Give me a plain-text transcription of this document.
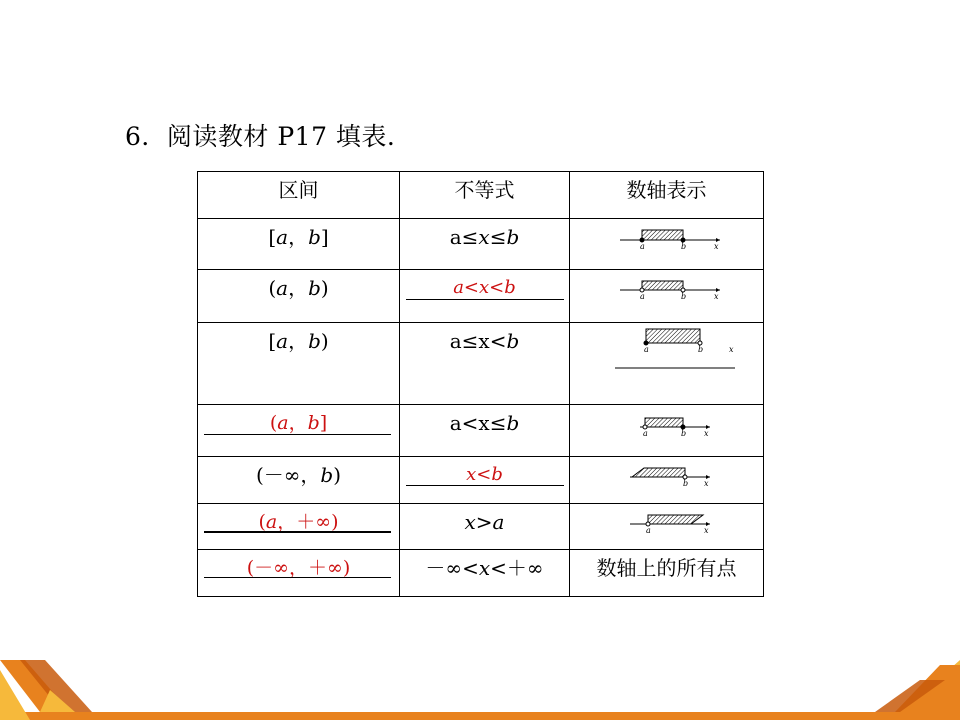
6．阅读教材 P17 填表.
区间	不等式	数轴表示

[a，b]	a≤x≤b	a b x

(a，b)	a<x<b	a b x

[a，b)	a≤x<b	a b x

(a，b]	a<x≤b	a b x

(－∞，b)	x<b	b x

(a，＋∞)	x>a	a x

(－∞，＋∞)	－∞<x<＋∞	数轴上的所有点
